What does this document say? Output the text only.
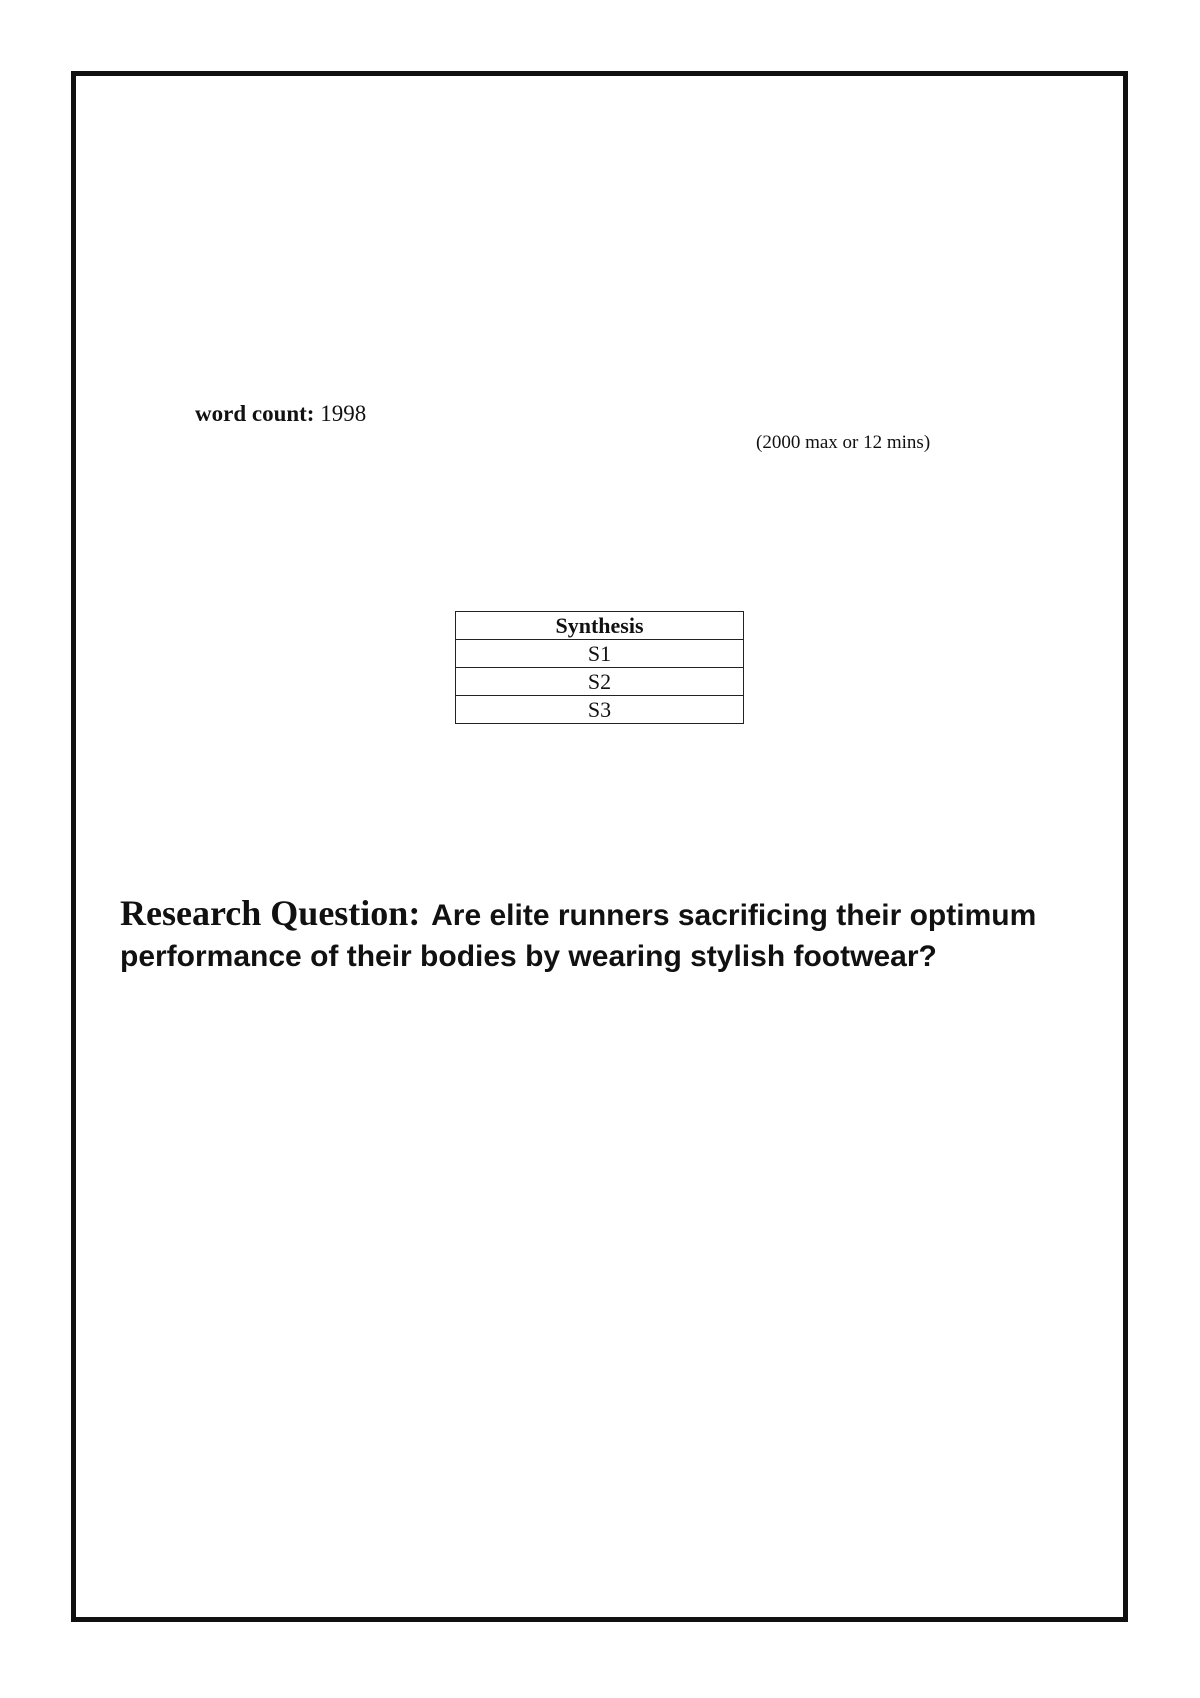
word count: 1998
(2000 max or 12 mins)
Synthesis
S1
S2
S3

Research Question: Are elite runners sacrificing their optimum performance of their bodies by wearing stylish footwear?
